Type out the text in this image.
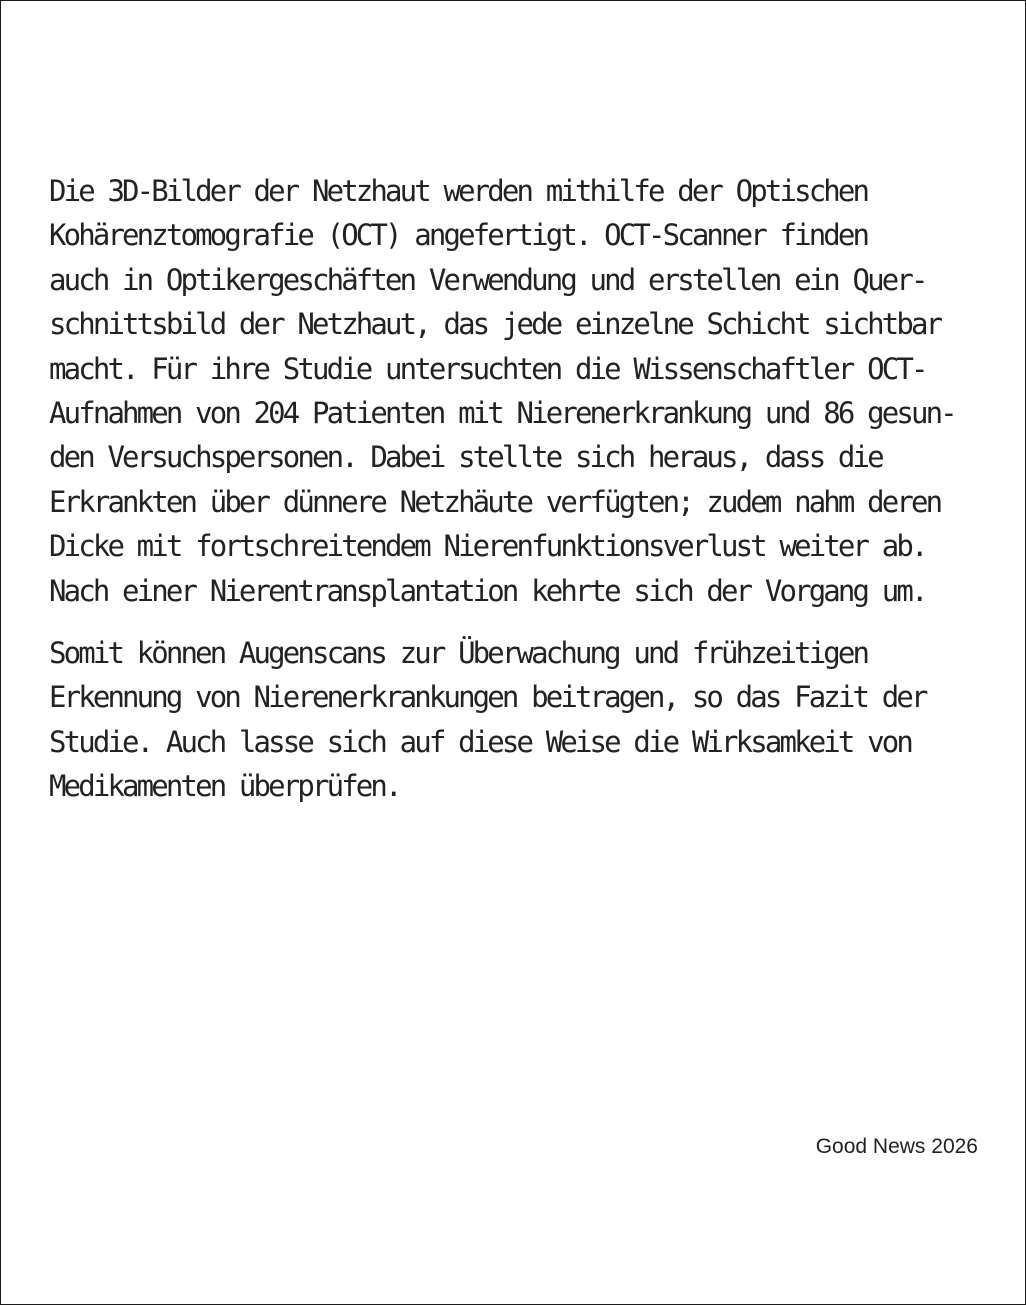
Die 3D-Bilder der Netzhaut werden mithilfe der Optischen
Kohärenztomografie (OCT) angefertigt. OCT-Scanner finden
auch in Optikergeschäften Verwendung und erstellen ein Quer-
schnittsbild der Netzhaut, das jede einzelne Schicht sichtbar
macht. Für ihre Studie untersuchten die Wissenschaftler OCT-
Aufnahmen von 204 Patienten mit Nierenerkrankung und 86 gesun-
den Versuchspersonen. Dabei stellte sich heraus, dass die
Erkrankten über dünnere Netzhäute verfügten; zudem nahm deren
Dicke mit fortschreitendem Nierenfunktionsverlust weiter ab.
Nach einer Nierentransplantation kehrte sich der Vorgang um.
Somit können Augenscans zur Überwachung und frühzeitigen
Erkennung von Nierenerkrankungen beitragen, so das Fazit der
Studie. Auch lasse sich auf diese Weise die Wirksamkeit von
Medikamenten überprüfen.
Good News 2026
